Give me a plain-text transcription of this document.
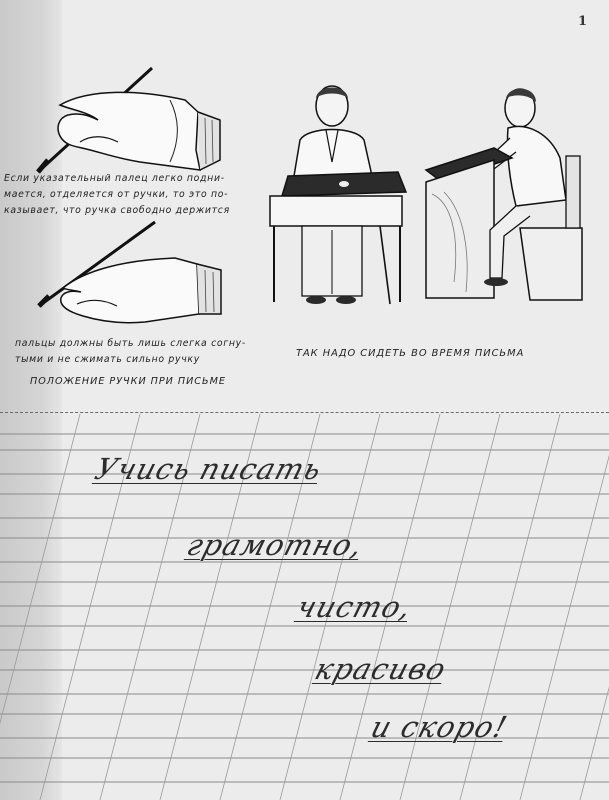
1
Если указательный палец легко подни-
мается, отделяется от ручки, то это по-
казывает, что ручка свободно держится
пальцы должны быть лишь слегка согну-
тыми и не сжимать сильно ручку
ПОЛОЖЕНИЕ РУЧКИ ПРИ ПИСЬМЕ
ТАК НАДО СИДЕТЬ ВО ВРЕМЯ ПИСЬМА
Учись писать
грамотно,
чисто,
красиво
и скоро!
